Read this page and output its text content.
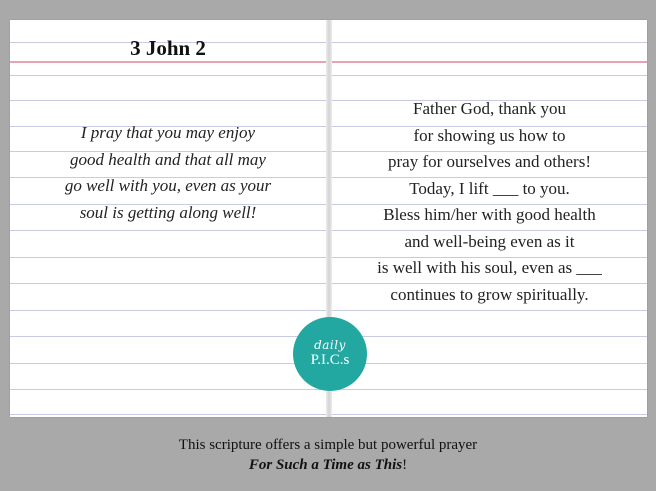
3 John 2
I pray that you may enjoy
good health and that all may
go well with you, even as your
soul is getting along well!
Father God, thank you
for showing us how to
pray for ourselves and others!
Today, I lift ___ to you.
Bless him/her with good health
and well-being even as it
is well with his soul, even as ___
continues to grow spiritually.
daily
P.I.C.s
This scripture offers a simple but powerful prayer
For Such a Time as This!
